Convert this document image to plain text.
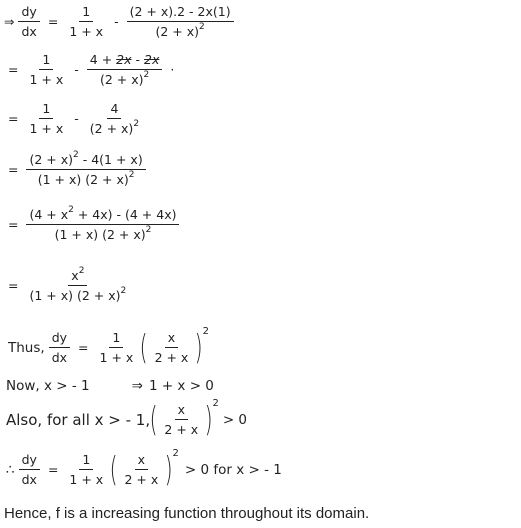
⇒ $\frac{dy}{dx} = \frac{1}{1 + x} - \frac{(2 + x).2 - 2x(1)}{(2 + x)^2}$
= $\frac{1}{1 + x} - \frac{4 + 2x - 2x}{(2 + x)^2}$ ·
= $\frac{1}{1 + x} - \frac{4}{(2 + x)^2}$
= $\frac{(2 + x)^2 - 4(1 + x)}{(1 + x) (2 + x)^2}$
= $\frac{(4 + x^2 + 4x) - (4 + 4x)}{(1 + x) (2 + x)^2}$
= $\frac{x^2}{(1 + x) (2 + x)^2}$
Thus, $\frac{dy}{dx} = \frac{1}{1 + x}$ ( $\frac{x}{2 + x}$ ) 2
Now, x > - 1	⇒ 1 + x > 0
Also, for all x > - 1, ( $\frac{x}{2 + x}$ ) 2
> 0
∴ $\frac{dy}{dx} = \frac{1}{1 + x}$ ( $\frac{x}{2 + x}$ ) 2
> 0 for x > - 1
Hence, f is a increasing function throughout its domain.
